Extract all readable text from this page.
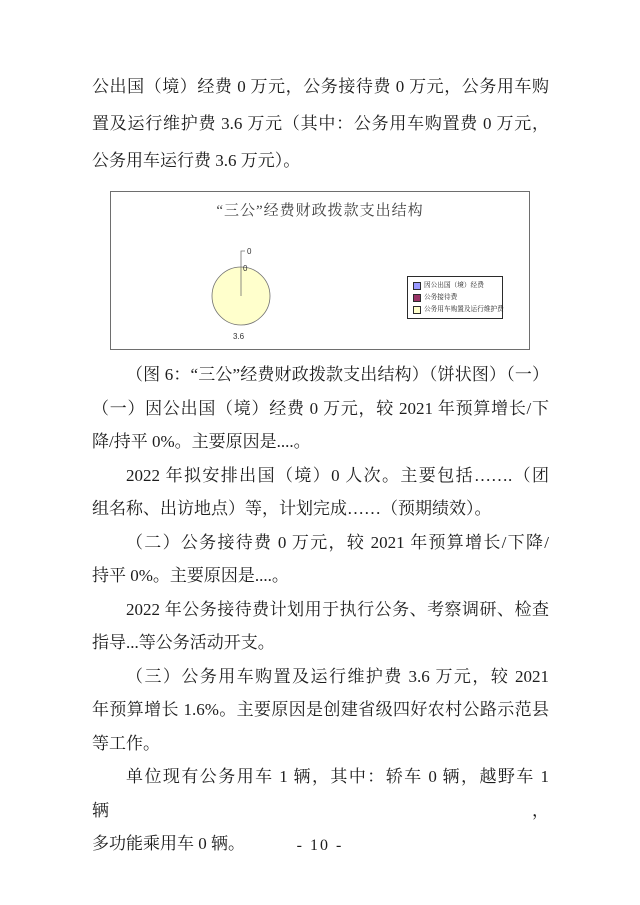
公出国（境）经费 0 万元，公务接待费 0 万元，公务用车购
置及运行维护费 3.6 万元（其中：公务用车购置费 0 万元，
公务用车运行费 3.6 万元）。
“三公”经费财政拨款支出结构
0
0
3.6
因公出国（境）经费
公务接待费
公务用车购置及运行维护费
（图 6：“三公”经费财政拨款支出结构）（饼状图）（一）
（一）因公出国（境）经费 0 万元，较 2021 年预算增长/下
降/持平 0%。主要原因是....。
2022 年拟安排出国（境）0 人次。主要包括…….（团
组名称、出访地点）等，计划完成……（预期绩效）。
（二）公务接待费 0 万元，较 2021 年预算增长/下降/
持平 0%。主要原因是....。
2022 年公务接待费计划用于执行公务、考察调研、检查
指导...等公务活动开支。
（三）公务用车购置及运行维护费 3.6 万元，较 2021
年预算增长 1.6%。主要原因是创建省级四好农村公路示范县
等工作。
单位现有公务用车 1 辆，其中：轿车 0 辆，越野车 1 辆，
多功能乘用车 0 辆。	- 10 -
